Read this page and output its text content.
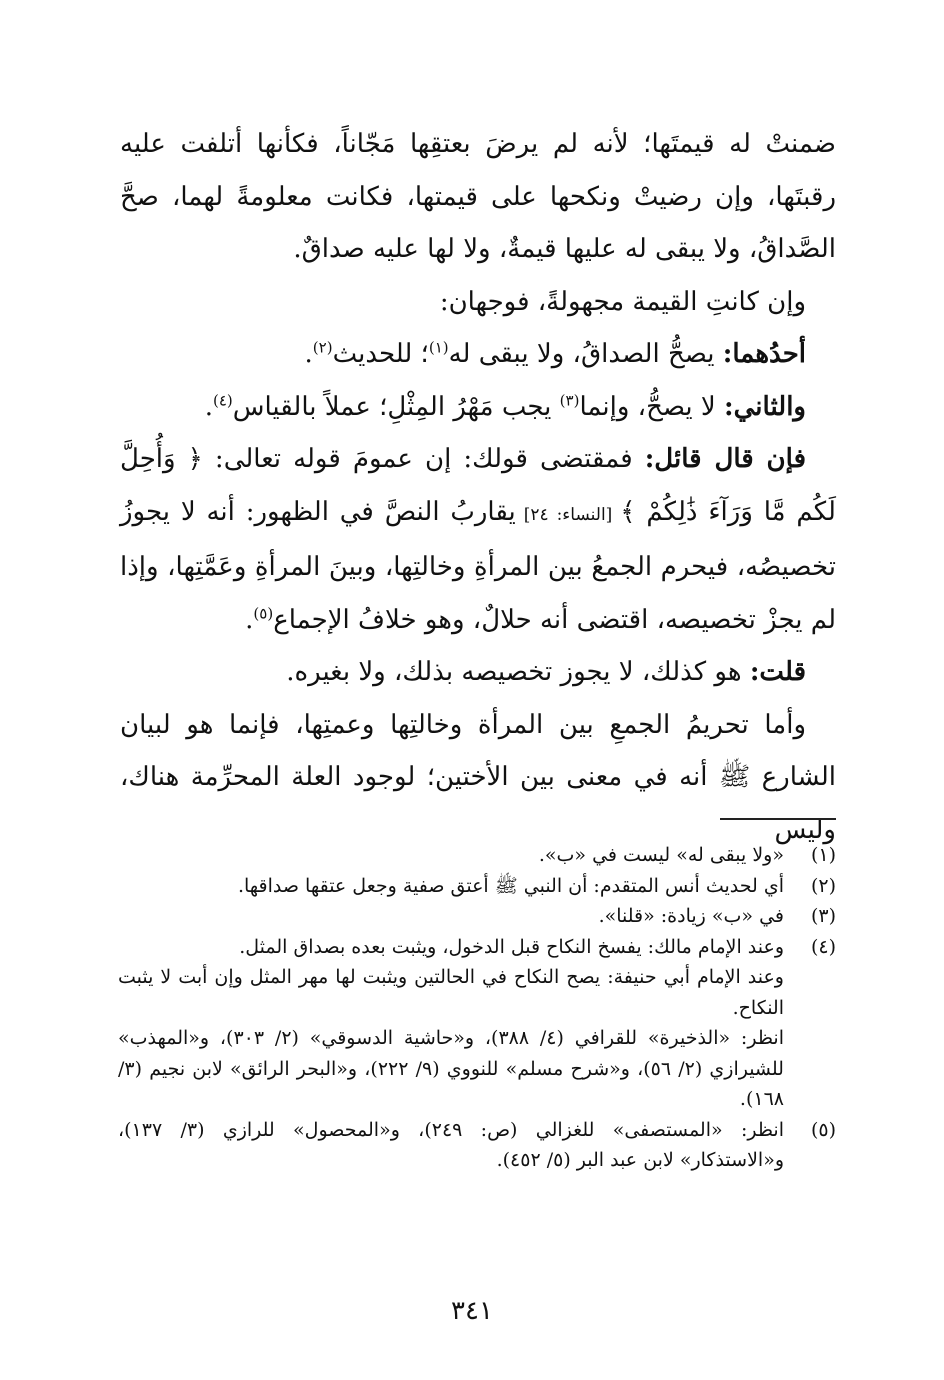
ضمنتْ له قيمتَها؛ لأنه لم يرضَ بعتقِها مَجّاناً، فكأنها أتلفت عليه رقبتَها، وإن رضيتْ ونكحها على قيمتها، فكانت معلومةً لهما، صحَّ الصَّداقُ، ولا يبقى له عليها قيمةٌ، ولا لها عليه صداقٌ.

وإن كانتِ القيمة مجهولةً، فوجهان:

أحدُهما: يصحُّ الصداقُ، ولا يبقى له$^{(١)}$؛ للحديث$^{(٢)}$.

والثاني: لا يصحُّ، وإنما$^{(٣)}$ يجب مَهْرُ المِثْلِ؛ عملاً بالقياس$^{(٤)}$.

فإن قال قائل: فمقتضى قولك: إن عمومَ قوله تعالى: ﴿ وَأُحِلَّ لَكُم مَّا وَرَآءَ ذَٰلِكُمْ ﴾ [النساء: ٢٤] يقاربُ النصَّ في الظهور: أنه لا يجوزُ تخصيصُه، فيحرم الجمعُ بين المرأةِ وخالتِها، وبينَ المرأةِ وعَمَّتِها، وإذا لم يجزْ تخصيصه، اقتضى أنه حلالٌ، وهو خلافُ الإجماع$^{(٥)}$.

قلت: هو كذلك، لا يجوز تخصيصه بذلك، ولا بغيره.

وأما تحريمُ الجمعِ بين المرأة وخالتِها وعمتِها، فإنما هو لبيان الشارع ﷺ أنه في معنى بين الأختين؛ لوجود العلة المحرِّمة هناك، وليس

(١)
«ولا يبقى له» ليست في «ب».
(٢)
أي لحديث أنس المتقدم: أن النبي ﷺ أعتق صفية وجعل عتقها صداقها.
(٣)
في «ب» زيادة: «قلنا».
(٤)
وعند الإمام مالك: يفسخ النكاح قبل الدخول، ويثبت بعده بصداق المثل.
وعند الإمام أبي حنيفة: يصح النكاح في الحالتين ويثبت لها مهر المثل وإن أبت لا يثبت النكاح.
انظر: «الذخيرة» للقرافي (٤/ ٣٨٨)، و«حاشية الدسوقي» (٢/ ٣٠٣)، و«المهذب» للشيرازي (٢/ ٥٦)، و«شرح مسلم» للنووي (٩/ ٢٢٢)، و«البحر الرائق» لابن نجيم (٣/ ١٦٨).
(٥)
انظر: «المستصفى» للغزالي (ص: ٢٤٩)، و«المحصول» للرازي (٣/ ١٣٧)، و«الاستذكار» لابن عبد البر (٥/ ٤٥٢).
٣٤١
